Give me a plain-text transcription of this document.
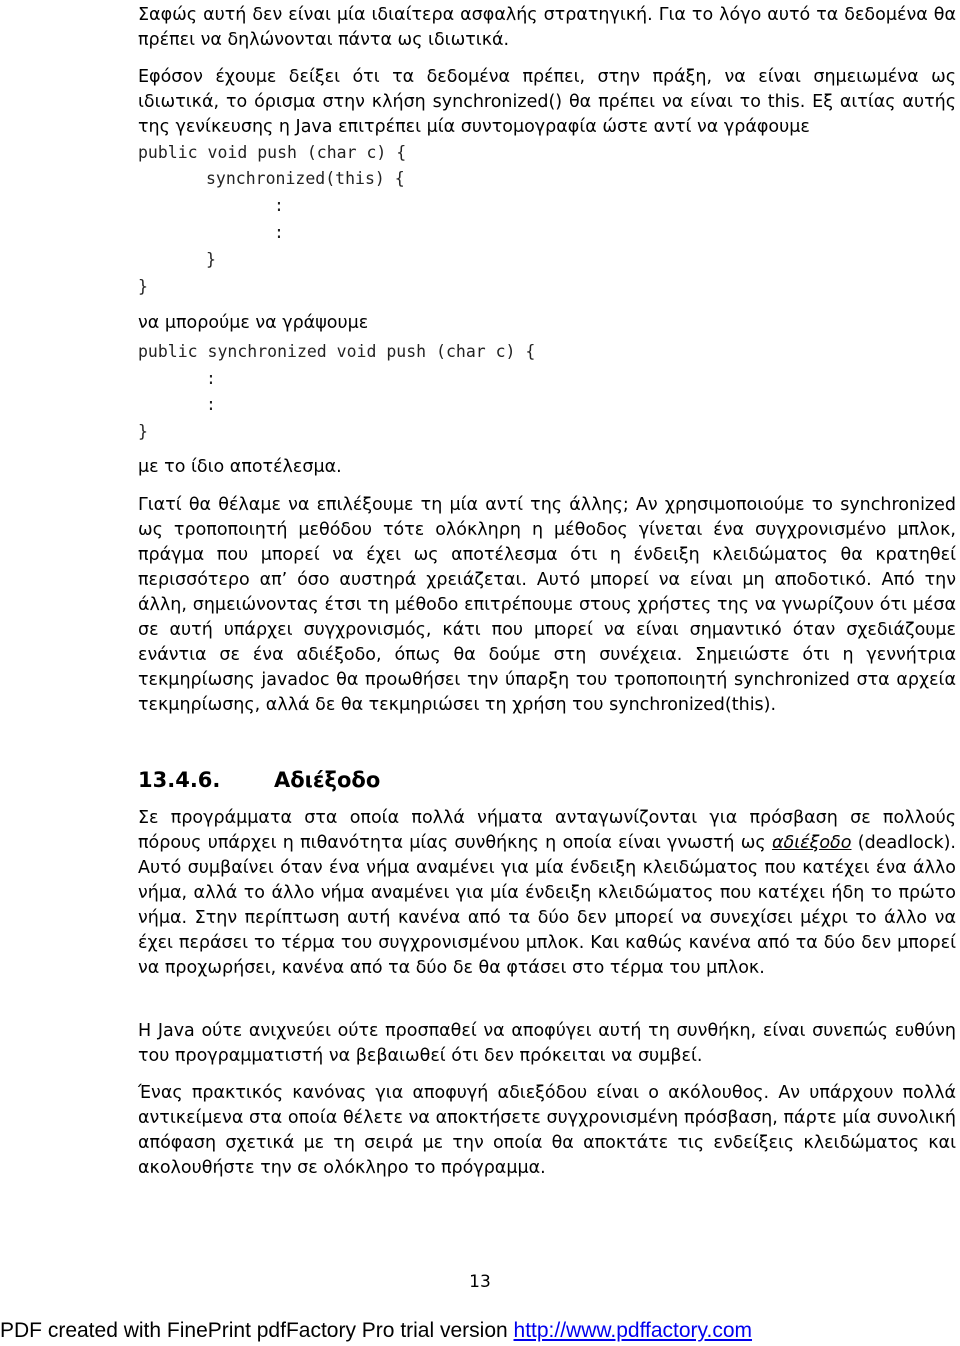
Σαφώς αυτή δεν είναι μία ιδιαίτερα ασφαλής στρατηγική. Για το λόγο αυτό τα δεδομένα θα πρέπει να δηλώνονται πάντα ως ιδιωτικά.

Εφόσον έχουμε δείξει ότι τα δεδομένα πρέπει, στην πράξη, να είναι σημειωμένα ως ιδιωτικά, το όρισμα στην κλήση synchronized() θα πρέπει να είναι το this. Εξ αιτίας αυτής της γενίκευσης η Java επιτρέπει μία συντομογραφία ώστε αντί να γράφουμε

public void push (char c) {
synchronized(this) {
:
:
}
}

να μπορούμε να γράψουμε

public synchronized void push (char c) {
:
:
}

με το ίδιο αποτέλεσμα.

Γιατί θα θέλαμε να επιλέξουμε τη μία αντί της άλλης; Αν χρησιμοποιούμε το synchronized ως τροποποιητή μεθόδου τότε ολόκληρη η μέθοδος γίνεται ένα συγχρονισμένο μπλοκ, πράγμα που μπορεί να έχει ως αποτέλεσμα ότι η ένδειξη κλειδώματος θα κρατηθεί περισσότερο απ’ όσο αυστηρά χρειάζεται. Αυτό μπορεί να είναι μη αποδοτικό. Από την άλλη, σημειώνοντας έτσι τη μέθοδο επιτρέπουμε στους χρήστες της να γνωρίζουν ότι μέσα σε αυτή υπάρχει συγχρονισμός, κάτι που μπορεί να είναι σημαντικό όταν σχεδιάζουμε ενάντια σε ένα αδιέξοδο, όπως θα δούμε στη συνέχεια. Σημειώστε ότι η γεννήτρια τεκμηρίωσης javadoc θα προωθήσει την ύπαρξη του τροποποιητή synchronized στα αρχεία τεκμηρίωσης, αλλά δε θα τεκμηριώσει τη χρήση του synchronized(this).

13.4.6.	Αδιέξοδο

Σε προγράμματα στα οποία πολλά νήματα ανταγωνίζονται για πρόσβαση σε πολλούς πόρους υπάρχει η πιθανότητα μίας συνθήκης η οποία είναι γνωστή ως αδιέξοδο (deadlock). Αυτό συμβαίνει όταν ένα νήμα αναμένει για μία ένδειξη κλειδώματος που κατέχει ένα άλλο νήμα, αλλά το άλλο νήμα αναμένει για μία ένδειξη κλειδώματος που κατέχει ήδη το πρώτο νήμα. Στην περίπτωση αυτή κανένα από τα δύο δεν μπορεί να συνεχίσει μέχρι το άλλο να έχει περάσει το τέρμα του συγχρονισμένου μπλοκ. Και καθώς κανένα από τα δύο δεν μπορεί να προχωρήσει, κανένα από τα δύο δε θα φτάσει στο τέρμα του μπλοκ.

Η Java ούτε ανιχνεύει ούτε προσπαθεί να αποφύγει αυτή τη συνθήκη, είναι συνεπώς ευθύνη του προγραμματιστή να βεβαιωθεί ότι δεν πρόκειται να συμβεί.

Ένας πρακτικός κανόνας για αποφυγή αδιεξόδου είναι ο ακόλουθος. Αν υπάρχουν πολλά αντικείμενα στα οποία θέλετε να αποκτήσετε συγχρονισμένη πρόσβαση, πάρτε μία συνολική απόφαση σχετικά με τη σειρά με την οποία θα αποκτάτε τις ενδείξεις κλειδώματος και ακολουθήστε την σε ολόκληρο το πρόγραμμα.

13
PDF created with FinePrint pdfFactory Pro trial version http://www.pdffactory.com
